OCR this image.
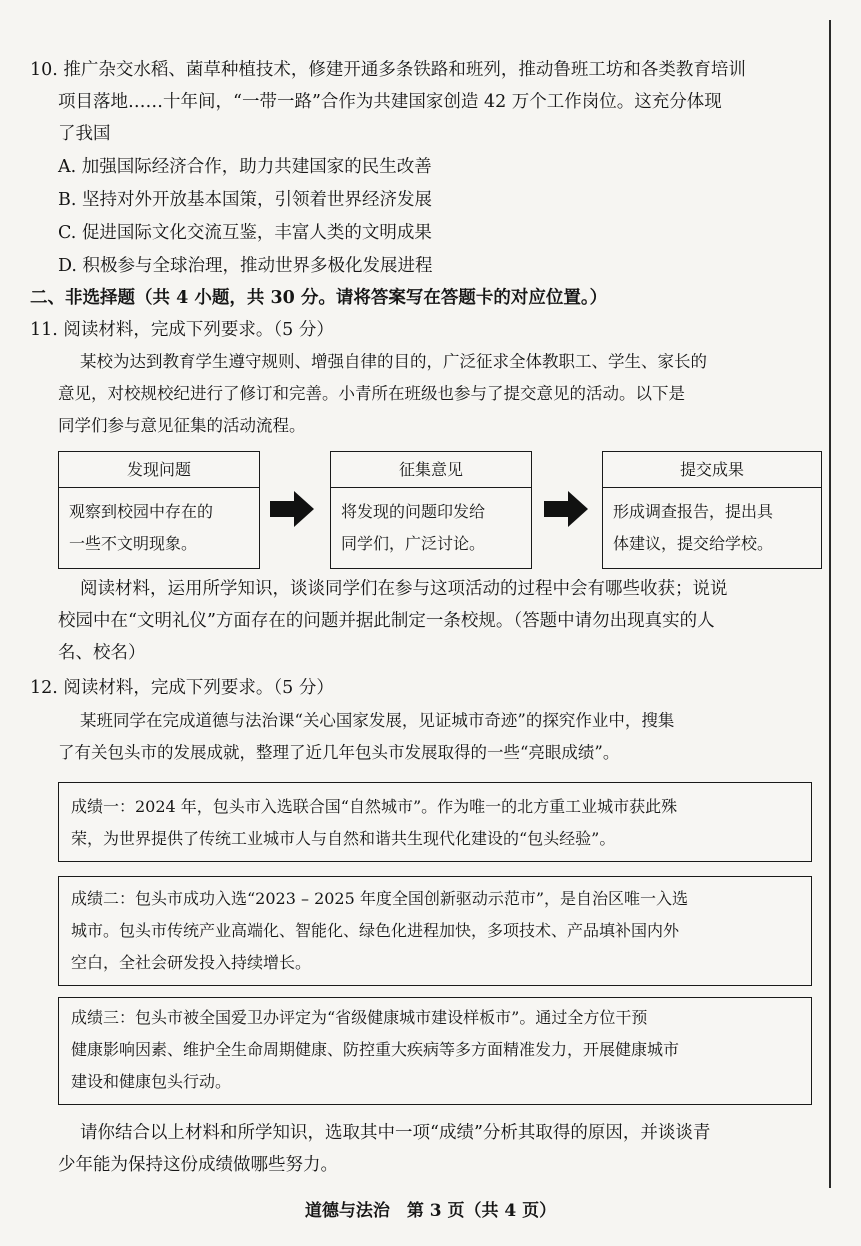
10. 推广杂交水稻、菌草种植技术，修建开通多条铁路和班列，推动鲁班工坊和各类教育培训
项目落地……十年间，“一带一路”合作为共建国家创造 42 万个工作岗位。这充分体现
了我国
A. 加强国际经济合作，助力共建国家的民生改善
B. 坚持对外开放基本国策，引领着世界经济发展
C. 促进国际文化交流互鉴，丰富人类的文明成果
D. 积极参与全球治理，推动世界多极化发展进程
二、非选择题（共 4 小题，共 30 分。请将答案写在答题卡的对应位置。）
11. 阅读材料，完成下列要求。（5 分）
某校为达到教育学生遵守规则、增强自律的目的，广泛征求全体教职工、学生、家长的
意见，对校规校纪进行了修订和完善。小青所在班级也参与了提交意见的活动。以下是
同学们参与意见征集的活动流程。
发现问题
观察到校园中存在的
一些不文明现象。
征集意见
将发现的问题印发给
同学们，广泛讨论。
提交成果
形成调查报告，提出具
体建议，提交给学校。
阅读材料，运用所学知识，谈谈同学们在参与这项活动的过程中会有哪些收获；说说
校园中在“文明礼仪”方面存在的问题并据此制定一条校规。（答题中请勿出现真实的人
名、校名）
12. 阅读材料，完成下列要求。（5 分）
某班同学在完成道德与法治课“关心国家发展，见证城市奇迹”的探究作业中，搜集
了有关包头市的发展成就，整理了近几年包头市发展取得的一些“亮眼成绩”。
请你结合以上材料和所学知识，选取其中一项“成绩”分析其取得的原因，并谈谈青
少年能为保持这份成绩做哪些努力。
成绩一：2024 年，包头市入选联合国“自然城市”。作为唯一的北方重工业城市获此殊
荣，为世界提供了传统工业城市人与自然和谐共生现代化建设的“包头经验”。
成绩二：包头市成功入选“2023 – 2025 年度全国创新驱动示范市”，是自治区唯一入选
城市。包头市传统产业高端化、智能化、绿色化进程加快，多项技术、产品填补国内外
空白，全社会研发投入持续增长。
成绩三：包头市被全国爱卫办评定为“省级健康城市建设样板市”。通过全方位干预
健康影响因素、维护全生命周期健康、防控重大疾病等多方面精准发力，开展健康城市
建设和健康包头行动。
道德与法治　第 3 页（共 4 页）
